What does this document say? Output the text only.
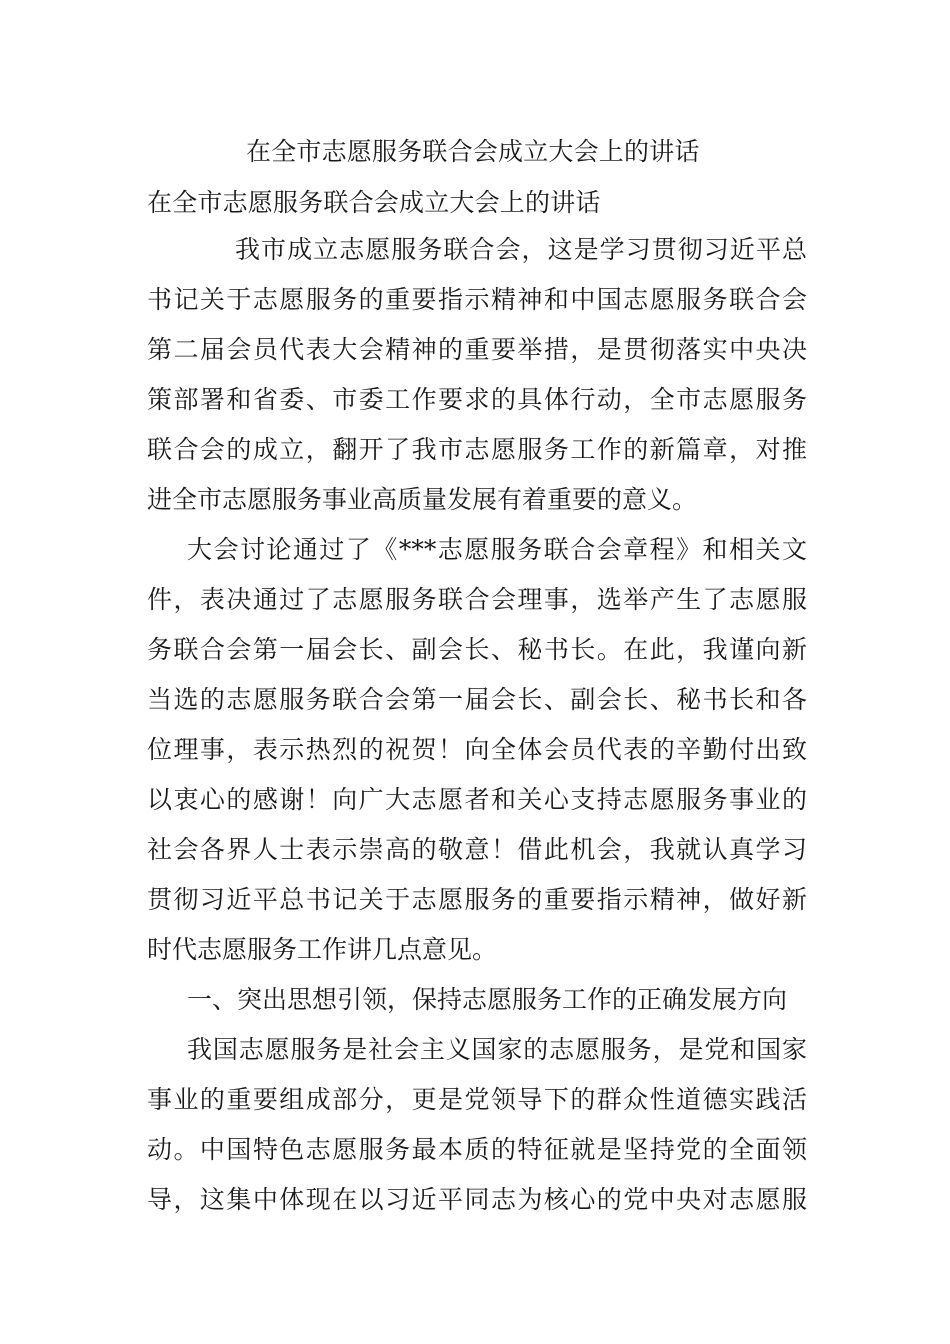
在全市志愿服务联合会成立大会上的讲话
在全市志愿服务联合会成立大会上的讲话
我市成立志愿服务联合会，这是学习贯彻习近平总
书记关于志愿服务的重要指示精神和中国志愿服务联合会
第二届会员代表大会精神的重要举措，是贯彻落实中央决
策部署和省委、市委工作要求的具体行动，全市志愿服务
联合会的成立，翻开了我市志愿服务工作的新篇章，对推
进全市志愿服务事业高质量发展有着重要的意义。
大会讨论通过了《***志愿服务联合会章程》和相关文
件，表决通过了志愿服务联合会理事，选举产生了志愿服
务联合会第一届会长、副会长、秘书长。在此，我谨向新
当选的志愿服务联合会第一届会长、副会长、秘书长和各
位理事，表示热烈的祝贺！向全体会员代表的辛勤付出致
以衷心的感谢！向广大志愿者和关心支持志愿服务事业的
社会各界人士表示崇高的敬意！借此机会，我就认真学习
贯彻习近平总书记关于志愿服务的重要指示精神，做好新
时代志愿服务工作讲几点意见。
一、突出思想引领，保持志愿服务工作的正确发展方向
我国志愿服务是社会主义国家的志愿服务，是党和国家
事业的重要组成部分，更是党领导下的群众性道德实践活
动。中国特色志愿服务最本质的特征就是坚持党的全面领
导，这集中体现在以习近平同志为核心的党中央对志愿服
